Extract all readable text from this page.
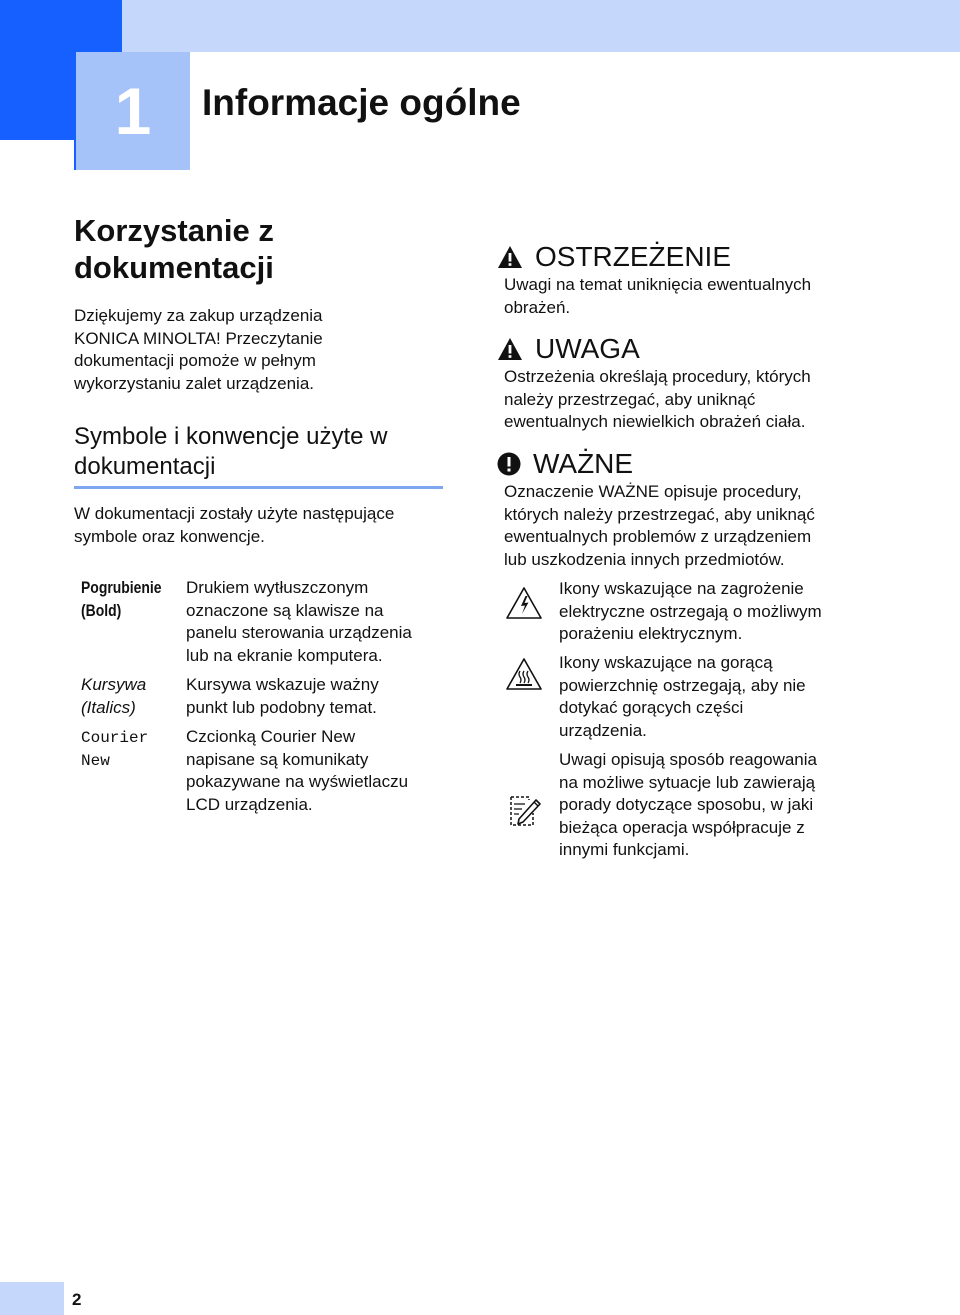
1	Informacje ogólne
Korzystanie z
dokumentacji
Dziękujemy za zakup urządzenia
KONICA MINOLTA! Przeczytanie
dokumentacji pomoże w pełnym
wykorzystaniu zalet urządzenia.
Symbole i konwencje użyte w
dokumentacji
W dokumentacji zostały użyte następujące
symbole oraz konwencje.
Pogrubienie
(Bold)
Drukiem wytłuszczonym
oznaczone są klawisze na
panelu sterowania urządzenia
lub na ekranie komputera.
Kursywa
(Italics)
Kursywa wskazuje ważny
punkt lub podobny temat.
Courier
New
Czcionką Courier New
napisane są komunikaty
pokazywane na wyświetlaczu
LCD urządzenia.
OSTRZEŻENIE
Uwagi na temat uniknięcia ewentualnych
obrażeń.
UWAGA
Ostrzeżenia określają procedury, których
należy przestrzegać, aby uniknąć
ewentualnych niewielkich obrażeń ciała.
WAŻNE
Oznaczenie WAŻNE opisuje procedury,
których należy przestrzegać, aby uniknąć
ewentualnych problemów z urządzeniem
lub uszkodzenia innych przedmiotów.
Ikony wskazujące na zagrożenie
elektryczne ostrzegają o możliwym
porażeniu elektrycznym.
Ikony wskazujące na gorącą
powierzchnię ostrzegają, aby nie
dotykać gorących części
urządzenia.
Uwagi opisują sposób reagowania
na możliwe sytuacje lub zawierają
porady dotyczące sposobu, w jaki
bieżąca operacja współpracuje z
innymi funkcjami.
2
